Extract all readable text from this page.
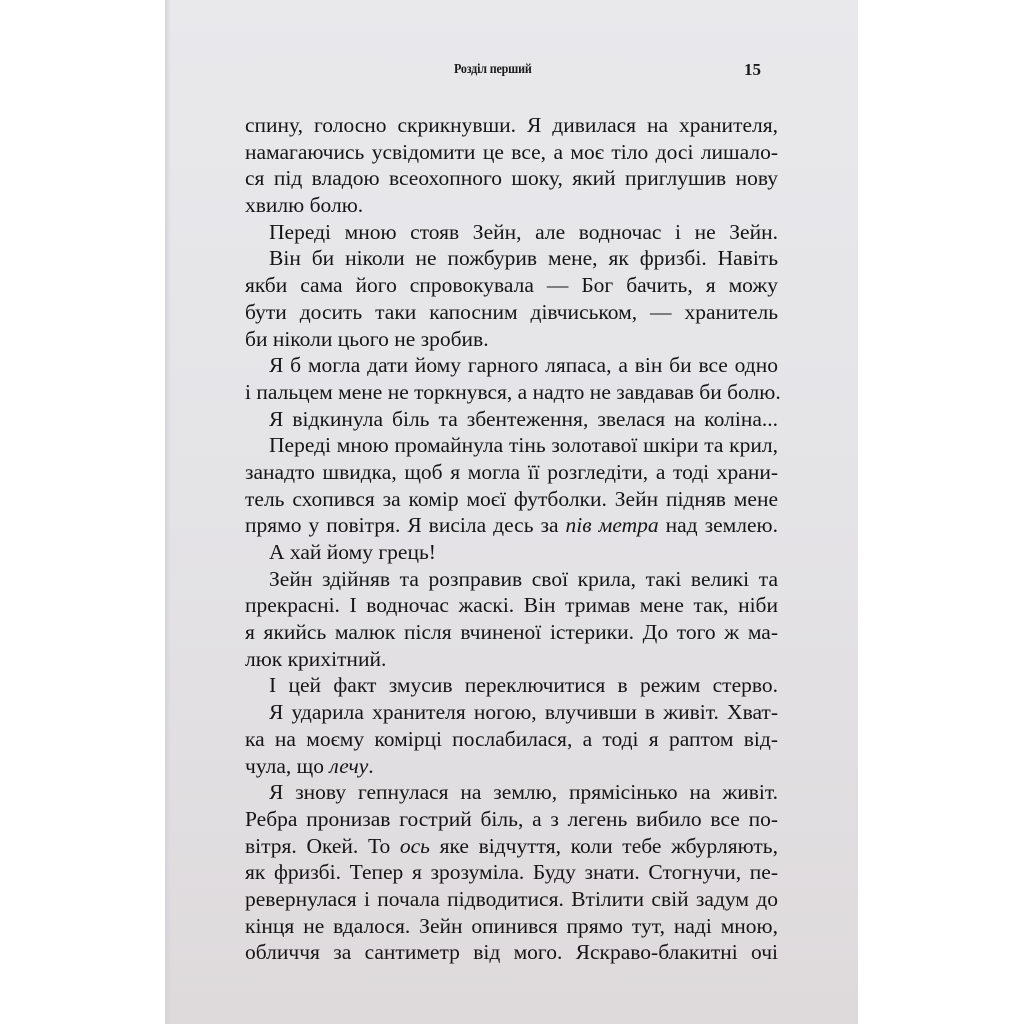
Розділ перший	15
спину, голосно скрикнувши. Я дивилася на хранителя,
намагаючись усвідомити це все, а моє тіло досі лишало-
ся під владою всеохопного шоку, який приглушив нову
хвилю болю.
Переді мною стояв Зейн, але водночас і не Зейн.
Він би ніколи не пожбурив мене, як фризбі. Навіть
якби сама його спровокувала — Бог бачить, я можу
бути досить таки капосним дівчиськом, — хранитель
би ніколи цього не зробив.
Я б могла дати йому гарного ляпаса, а він би все одно
і пальцем мене не торкнувся, а надто не завдавав би болю.
Я відкинула біль та збентеження, звелася на коліна...
Переді мною промайнула тінь золотавої шкіри та крил,
занадто швидка, щоб я могла її розгледіти, а тоді храни-
тель схопився за комір моєї футболки. Зейн підняв мене
прямо у повітря. Я висіла десь за пів метра над землею.
А хай йому грець!
Зейн здійняв та розправив свої крила, такі великі та
прекрасні. І водночас жаскі. Він тримав мене так, ніби
я якийсь малюк після вчиненої істерики. До того ж ма-
люк крихітний.
І цей факт змусив переключитися в режим стерво.
Я ударила хранителя ногою, влучивши в живіт. Хват-
ка на моєму комірці послабилася, а тоді я раптом від-
чула, що лечу.
Я знову гепнулася на землю, прямісінько на живіт.
Ребра пронизав гострий біль, а з легень вибило все по-
вітря. Окей. То ось яке відчуття, коли тебе жбурляють,
як фризбі. Тепер я зрозуміла. Буду знати. Стогнучи, пе-
ревернулася і почала підводитися. Втілити свій задум до
кінця не вдалося. Зейн опинився прямо тут, наді мною,
обличчя за сантиметр від мого. Яскраво-блакитні очі
